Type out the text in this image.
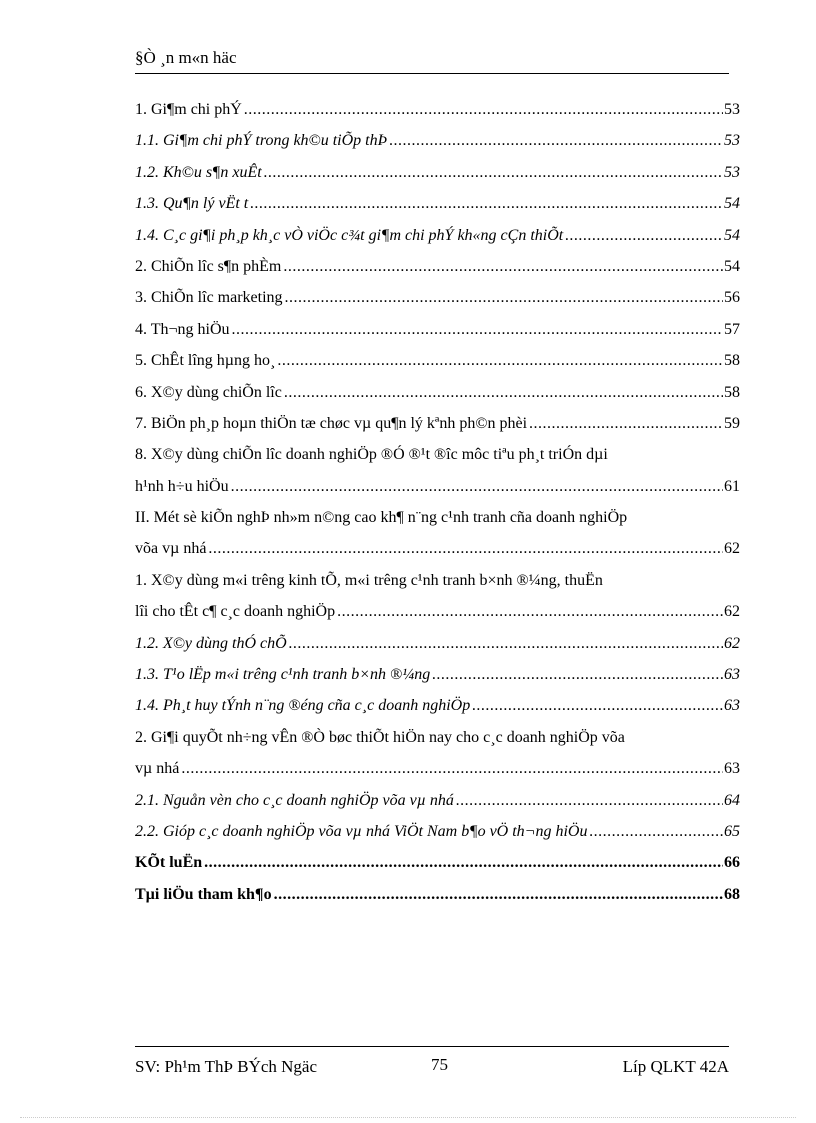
§Ò ¸n m«n häc
1. Gi¶m chi phÝ .....	53
1.1. Gi¶m chi phÝ trong kh©u tiÕp thÞ .....	53
1.2. Kh©u s¶n xuÊt .....	53
1.3. Qu¶n lý vËt t .....	54
1.4. C¸c gi¶i ph¸p kh¸c vÒ viÖc c¾t gi¶m chi phÝ kh«ng cÇn thiÕt .....	54
2. ChiÕn lîc s¶n phÈm .....	54
3. ChiÕn lîc marketing .....	56
4. Th¬ng hiÖu .....	57
5. ChÊt lîng hµng ho¸ .....	58
6. X©y dùng chiÕn lîc .....	58
7. BiÖn ph¸p hoµn thiÖn tæ chøc vµ qu¶n lý kªnh ph©n phèi .....	59
8. X©y dùng chiÕn lîc doanh nghiÖp ®Ó ®¹t ®îc môc tiªu ph¸t triÓn dµi
h¹nh h÷u hiÖu .....	61
II. Mét sè kiÕn nghÞ nh»m n©ng cao kh¶ n¨ng c¹nh tranh cña doanh nghiÖp
võa vµ nhá .....	62
1. X©y dùng m«i trêng kinh tÕ, m«i trêng c¹nh tranh b×nh ®¼ng, thuËn
lîi cho tÊt c¶ c¸c doanh nghiÖp .....	62
1.2. X©y dùng thÓ chÕ .....	62
1.3. T¹o lËp m«i trêng c¹nh tranh b×nh ®¼ng .....	63
1.4. Ph¸t huy tÝnh n¨ng ®éng cña c¸c doanh nghiÖp .....	63
2. Gi¶i quyÕt nh÷ng vÊn ®Ò bøc thiÕt hiÖn nay cho c¸c doanh nghiÖp võa
vµ nhá .....	63
2.1. Nguån vèn cho c¸c doanh nghiÖp võa vµ nhá .....	64
2.2. Gióp c¸c doanh nghiÖp võa vµ nhá ViÖt Nam b¶o vÖ th¬ng hiÖu .....	65
KÕt luËn .....	66
Tµi liÖu tham kh¶o .....	68
SV: Ph¹m ThÞ BÝch Ngäc	75	Líp QLKT 42A
